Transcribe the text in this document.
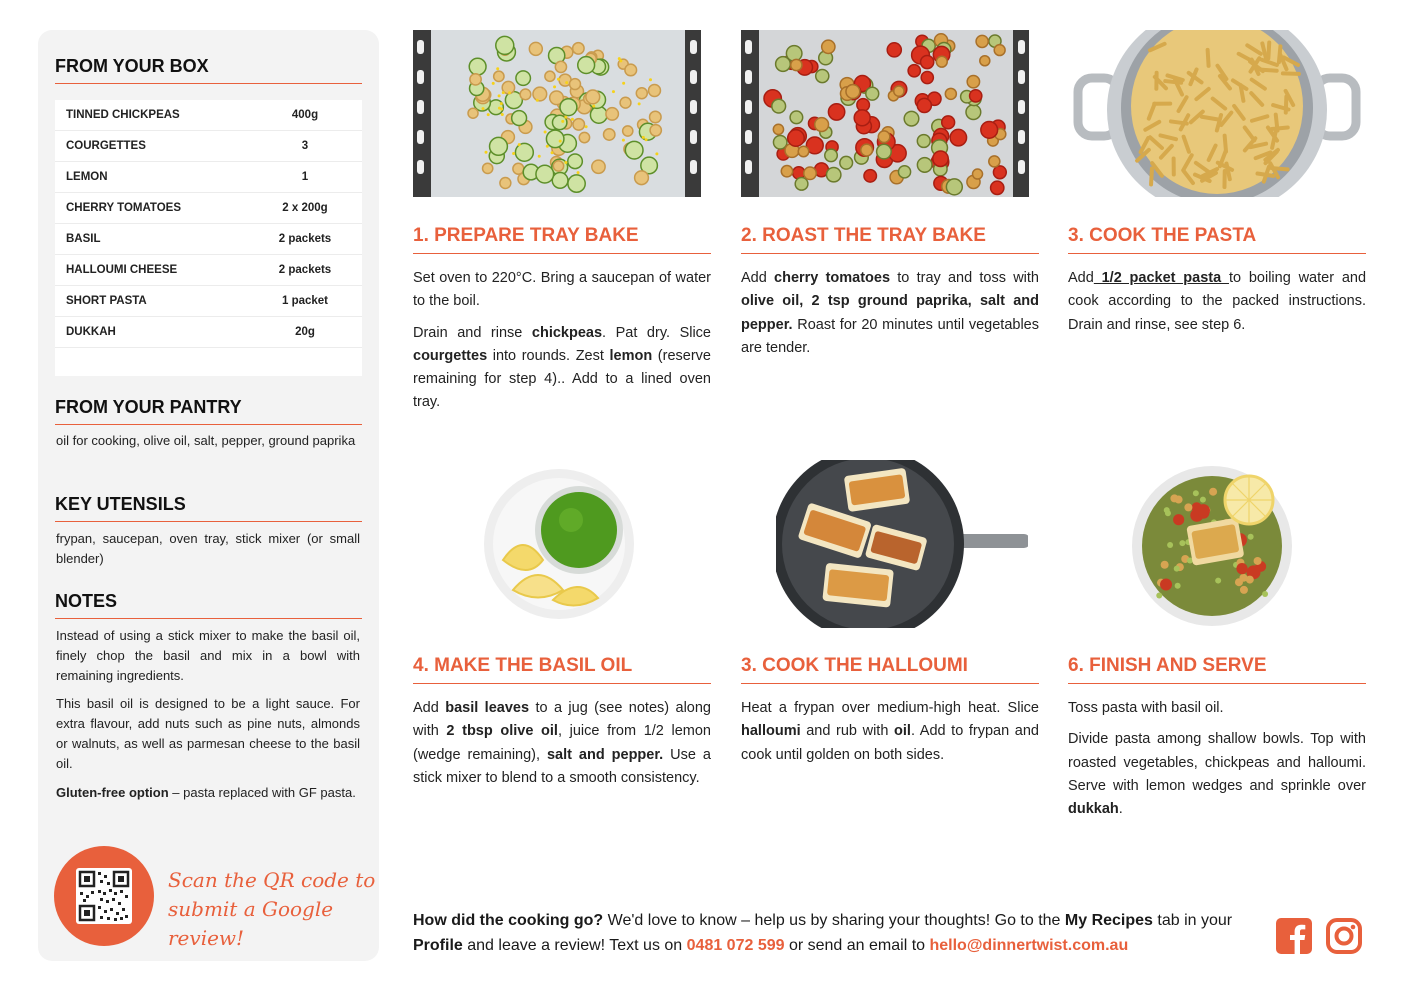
FROM YOUR BOX
TINNED CHICKPEAS	400g
COURGETTES	3
LEMON	1
CHERRY TOMATOES	2 x 200g
BASIL	2 packets
HALLOUMI CHEESE	2 packets
SHORT PASTA	1 packet
DUKKAH	20g
FROM YOUR PANTRY
oil for cooking, olive oil, salt, pepper, ground paprika
KEY UTENSILS
frypan, saucepan, oven tray, stick mixer (or small blender)
NOTES
Instead of using a stick mixer to make the basil oil, finely chop the basil and mix in a bowl with remaining ingredients.
This basil oil is designed to be a light sauce. For extra flavour, add nuts such as pine nuts, almonds or walnuts, as well as parmesan cheese to the basil oil.
Gluten-free option – pasta replaced with GF pasta.
Scan the QR code to
submit a Google review!
1. PREPARE TRAY BAKE	2. ROAST THE TRAY BAKE	3. COOK THE PASTA
4. MAKE THE BASIL OIL	3. COOK THE HALLOUMI	6. FINISH AND SERVE

Set oven to 220°C. Bring a saucepan of water to the boil.

Drain and rinse chickpeas. Pat dry. Slice courgettes into rounds. Zest lemon (reserve remaining for step 4).. Add to a lined oven tray.

Add cherry tomatoes to tray and toss with olive oil, 2 tsp ground paprika, salt and pepper. Roast for 20 minutes until vegetables are tender.

Add 1/2 packet pasta to boiling water and cook according to the packed instructions. Drain and rinse, see step 6.

Add basil leaves to a jug (see notes) along with 2 tbsp olive oil, juice from 1/2 lemon (wedge remaining), salt and pepper. Use a stick mixer to blend to a smooth consistency.

Heat a frypan over medium-high heat. Slice halloumi and rub with oil. Add to frypan and cook until golden on both sides.

Toss pasta with basil oil.

Divide pasta among shallow bowls. Top with roasted vegetables, chickpeas and halloumi. Serve with lemon wedges and sprinkle over dukkah.

How did the cooking go? We'd love to know – help us by sharing your thoughts! Go to the My Recipes tab in your Profile and leave a review! Text us on 0481 072 599 or send an email to hello@dinnertwist.com.au
